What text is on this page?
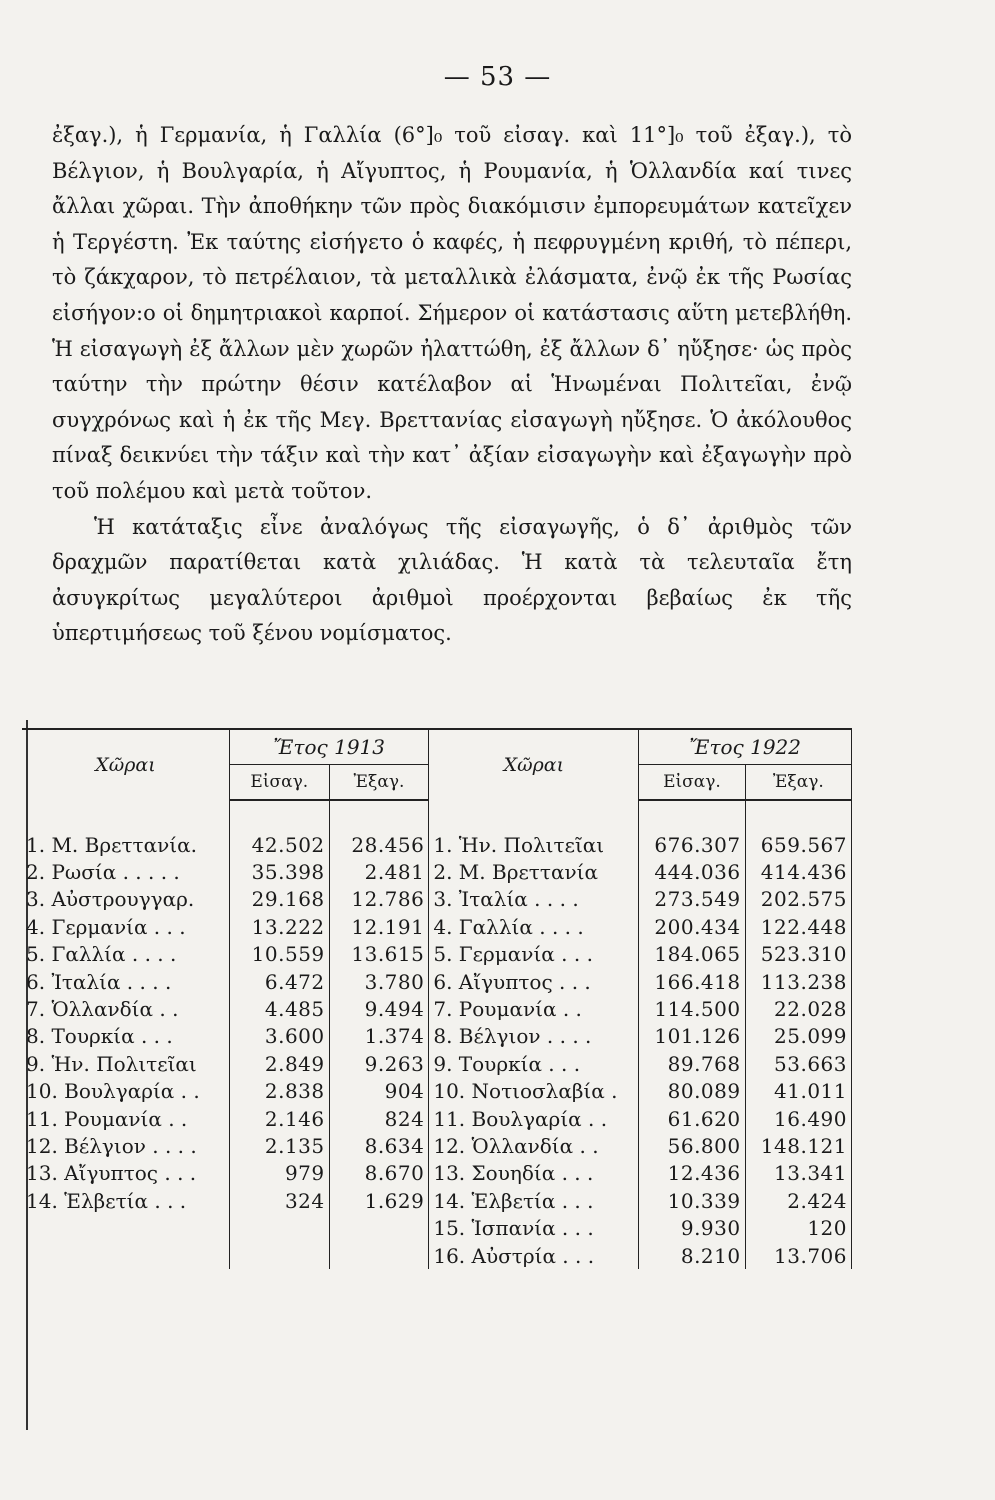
— 53 —

ἐξαγ.), ἡ Γερμανία, ἡ Γαλλία (6°]₀ τοῦ εἰσαγ. καὶ 11°]₀ τοῦ ἐξαγ.), τὸ Βέλγιον, ἡ Βουλγαρία, ἡ Αἴγυπτος, ἡ Ρουμανία, ἡ Ὁλλανδία καί τινες ἄλλαι χῶραι. Τὴν ἀποθήκην τῶν πρὸς διακόμισιν ἐμπορευμάτων κατεῖχεν ἡ Τεργέστη. Ἐκ ταύτης εἰσήγετο ὁ καφές, ἡ πεφρυγμένη κριθή, τὸ πέπερι, τὸ ζάκχαρον, τὸ πετρέλαιον, τὰ μεταλλικὰ ἐλάσματα, ἐνῷ ἐκ τῆς Ρωσίας εἰσήγον:ο οἱ δημητριακοὶ καρποί. Σήμερον οἱ κατάστασις αὕτη μετεβλήθη. Ἡ εἰσαγωγὴ ἐξ ἄλλων μὲν χωρῶν ἠλαττώθη, ἐξ ἄλλων δ᾽ ηὔξησε· ὡς πρὸς ταύτην τὴν πρώτην θέσιν κατέλαβον αἱ Ἡνωμέναι Πολιτεῖαι, ἐνῷ συγχρόνως καὶ ἡ ἐκ τῆς Μεγ. Βρεττανίας εἰσαγωγὴ ηὔξησε. Ὁ ἀκόλουθος πίναξ δεικνύει τὴν τάξιν καὶ τὴν κατ᾽ ἀξίαν εἰσαγωγὴν καὶ ἐξαγωγὴν πρὸ τοῦ πολέμου καὶ μετὰ τοῦτον.

Ἡ κατάταξις εἶνε ἀναλόγως τῆς εἰσαγωγῆς, ὁ δ᾽ ἀριθμὸς τῶν δραχμῶν παρατίθεται κατὰ χιλιάδας. Ἡ κατὰ τὰ τελευταῖα ἔτη ἀσυγκρίτως μεγαλύτεροι ἀριθμοὶ προέρχονται βεβαίως ἐκ τῆς ὑπερτιμήσεως τοῦ ξένου νομίσματος.

Χῶραι	Ἔτος 1913		Χῶραι	Ἔτος 1922	
	Εἰσαγ.	Ἐξαγ.		Εἰσαγ.	Ἐξαγ.

1. Μ. Βρεττανία.	42.502	28.456	1. Ἡν. Πολιτεῖαι	676.307	659.567
2. Ρωσία . . . . .	35.398	2.481	2. Μ. Βρεττανία	444.036	414.436
3. Αὐστρουγγαρ.	29.168	12.786	3. Ἰταλία . . . .	273.549	202.575
4. Γερμανία . . .	13.222	12.191	4. Γαλλία . . . .	200.434	122.448
5. Γαλλία . . . .	10.559	13.615	5. Γερμανία . . .	184.065	523.310
6. Ἰταλία . . . .	6.472	3.780	6. Αἴγυπτος . . .	166.418	113.238
7. Ὁλλανδία . .	4.485	9.494	7. Ρουμανία . .	114.500	22.028
8. Τουρκία . . .	3.600	1.374	8. Βέλγιον . . . .	101.126	25.099
9. Ἡν. Πολιτεῖαι	2.849	9.263	9. Τουρκία . . .	89.768	53.663
10. Βουλγαρία . .	2.838	904	10. Νοτιοσλαβία .	80.089	41.011
11. Ρουμανία . .	2.146	824	11. Βουλγαρία . .	61.620	16.490
12. Βέλγιον . . . .	2.135	8.634	12. Ὁλλανδία . .	56.800	148.121
13. Αἴγυπτος . . .	979	8.670	13. Σουηδία . . .	12.436	13.341
14. Ἑλβετία . . .	324	1.629	14. Ἑλβετία . . .	10.339	2.424
			15. Ἱσπανία . . .	9.930	120
			16. Αὐστρία . . .	8.210	13.706
